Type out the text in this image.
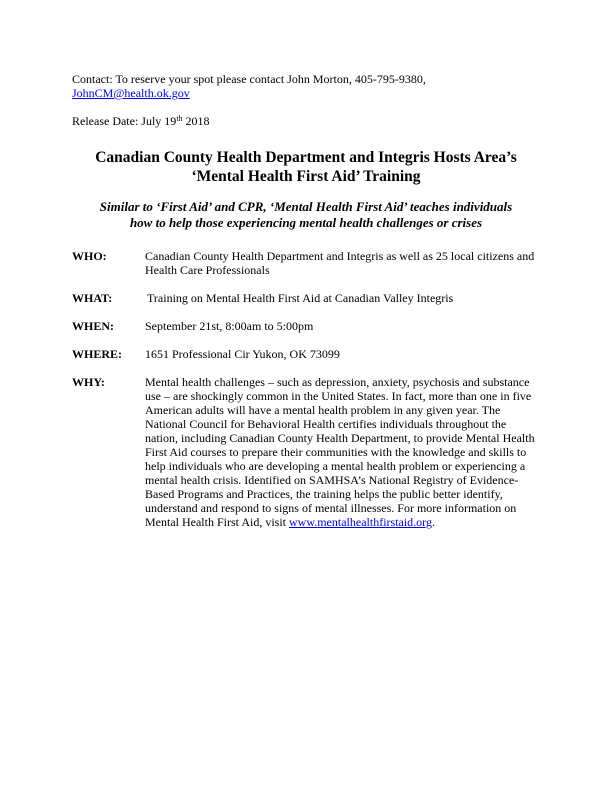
Contact: To reserve your spot please contact John Morton, 405-795-9380,
JohnCM@health.ok.gov
Release Date: July 19th 2018
Canadian County Health Department and Integris Hosts Area’s
‘Mental Health First Aid’ Training
Similar to ‘First Aid’ and CPR, ‘Mental Health First Aid’ teaches individuals
how to help those experiencing mental health challenges or crises
WHO:	Canadian County Health Department and Integris as well as 25 local citizens and Health Care Professionals
WHAT:	Training on Mental Health First Aid at Canadian Valley Integris
WHEN:	September 21st, 8:00am to 5:00pm
WHERE: 1651 Professional Cir Yukon, OK 73099
WHY:	Mental health challenges – such as depression, anxiety, psychosis and substance use – are shockingly common in the United States. In fact, more than one in five American adults will have a mental health problem in any given year. The National Council for Behavioral Health certifies individuals throughout the nation, including Canadian County Health Department, to provide Mental Health First Aid courses to prepare their communities with the knowledge and skills to help individuals who are developing a mental health problem or experiencing a mental health crisis. Identified on SAMHSA’s National Registry of Evidence-Based Programs and Practices, the training helps the public better identify, understand and respond to signs of mental illnesses. For more information on Mental Health First Aid, visit www.mentalhealthfirstaid.org.
